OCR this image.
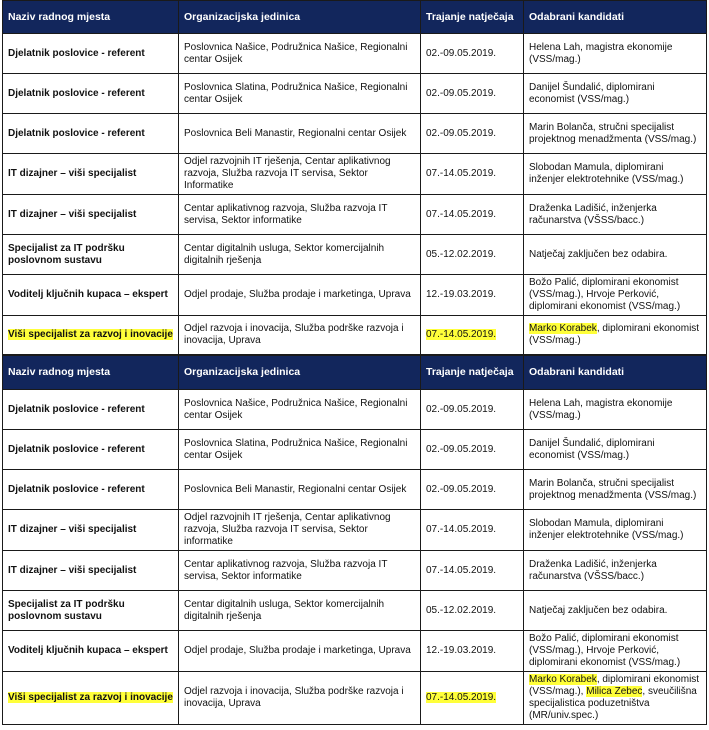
Naziv radnog mjesta	Organizacijska jedinica	Trajanje natječaja	Odabrani kandidati
Djelatnik poslovice - referent	Poslovnica Našice, Podružnica Našice, Regionalni centar Osijek	02.-09.05.2019.	Helena Lah, magistra ekonomije (VSS/mag.)
Djelatnik poslovice - referent	Poslovnica Slatina, Podružnica Našice, Regionalni centar Osijek	02.-09.05.2019.	Danijel Šundalić, diplomirani economist (VSS/mag.)
Djelatnik poslovice - referent	Poslovnica Beli Manastir, Regionalni centar Osijek	02.-09.05.2019.	Marin Bolanča, stručni specijalist projektnog menadžmenta (VSS/mag.)
IT dizajner – viši specijalist	Odjel razvojnih IT rješenja, Centar aplikativnog razvoja, Služba razvoja IT servisa, Sektor Informatike	07.-14.05.2019.	Slobodan Mamula, diplomirani inženjer elektrotehnike (VSS/mag.)
IT dizajner – viši specijalist	Centar aplikativnog razvoja, Služba razvoja IT servisa, Sektor informatike	07.-14.05.2019.	Draženka Ladišić, inženjerka računarstva (VŠSS/bacc.)
Specijalist za IT podršku poslovnom sustavu	Centar digitalnih usluga, Sektor komercijalnih digitalnih rješenja	05.-12.02.2019.	Natječaj zaključen bez odabira.
Voditelj ključnih kupaca – ekspert	Odjel prodaje, Služba prodaje i marketinga, Uprava	12.-19.03.2019.	Božo Palić, diplomirani ekonomist (VSS/mag.), Hrvoje Perković, diplomirani ekonomist (VSS/mag.)
Viši specijalist za razvoj i inovacije	Odjel razvoja i inovacija, Služba podrške razvoja i inovacija, Uprava	07.-14.05.2019.	Marko Korabek, diplomirani ekonomist (VSS/mag.)
Naziv radnog mjesta	Organizacijska jedinica	Trajanje natječaja	Odabrani kandidati
Djelatnik poslovice - referent	Poslovnica Našice, Podružnica Našice, Regionalni centar Osijek	02.-09.05.2019.	Helena Lah, magistra ekonomije (VSS/mag.)
Djelatnik poslovice - referent	Poslovnica Slatina, Podružnica Našice, Regionalni centar Osijek	02.-09.05.2019.	Danijel Šundalić, diplomirani economist (VSS/mag.)
Djelatnik poslovice - referent	Poslovnica Beli Manastir, Regionalni centar Osijek	02.-09.05.2019.	Marin Bolanča, stručni specijalist projektnog menadžmenta (VSS/mag.)
IT dizajner – viši specijalist	Odjel razvojnih IT rješenja, Centar aplikativnog razvoja, Služba razvoja IT servisa, Sektor informatike	07.-14.05.2019.	Slobodan Mamula, diplomirani inženjer elektrotehnike (VSS/mag.)
IT dizajner – viši specijalist	Centar aplikativnog razvoja, Služba razvoja IT servisa, Sektor informatike	07.-14.05.2019.	Draženka Ladišić, inženjerka računarstva (VŠSS/bacc.)
Specijalist za IT podršku poslovnom sustavu	Centar digitalnih usluga, Sektor komercijalnih digitalnih rješenja	05.-12.02.2019.	Natječaj zaključen bez odabira.
Voditelj ključnih kupaca – ekspert	Odjel prodaje, Služba prodaje i marketinga, Uprava	12.-19.03.2019.	Božo Palić, diplomirani ekonomist (VSS/mag.), Hrvoje Perković, diplomirani ekonomist (VSS/mag.)
Viši specijalist za razvoj i inovacije	Odjel razvoja i inovacija, Služba podrške razvoja i inovacija, Uprava	07.-14.05.2019.	Marko Korabek, diplomirani ekonomist (VSS/mag.), Milica Zebec, sveučilišna specijalistica poduzetništva (MR/univ.spec.)
